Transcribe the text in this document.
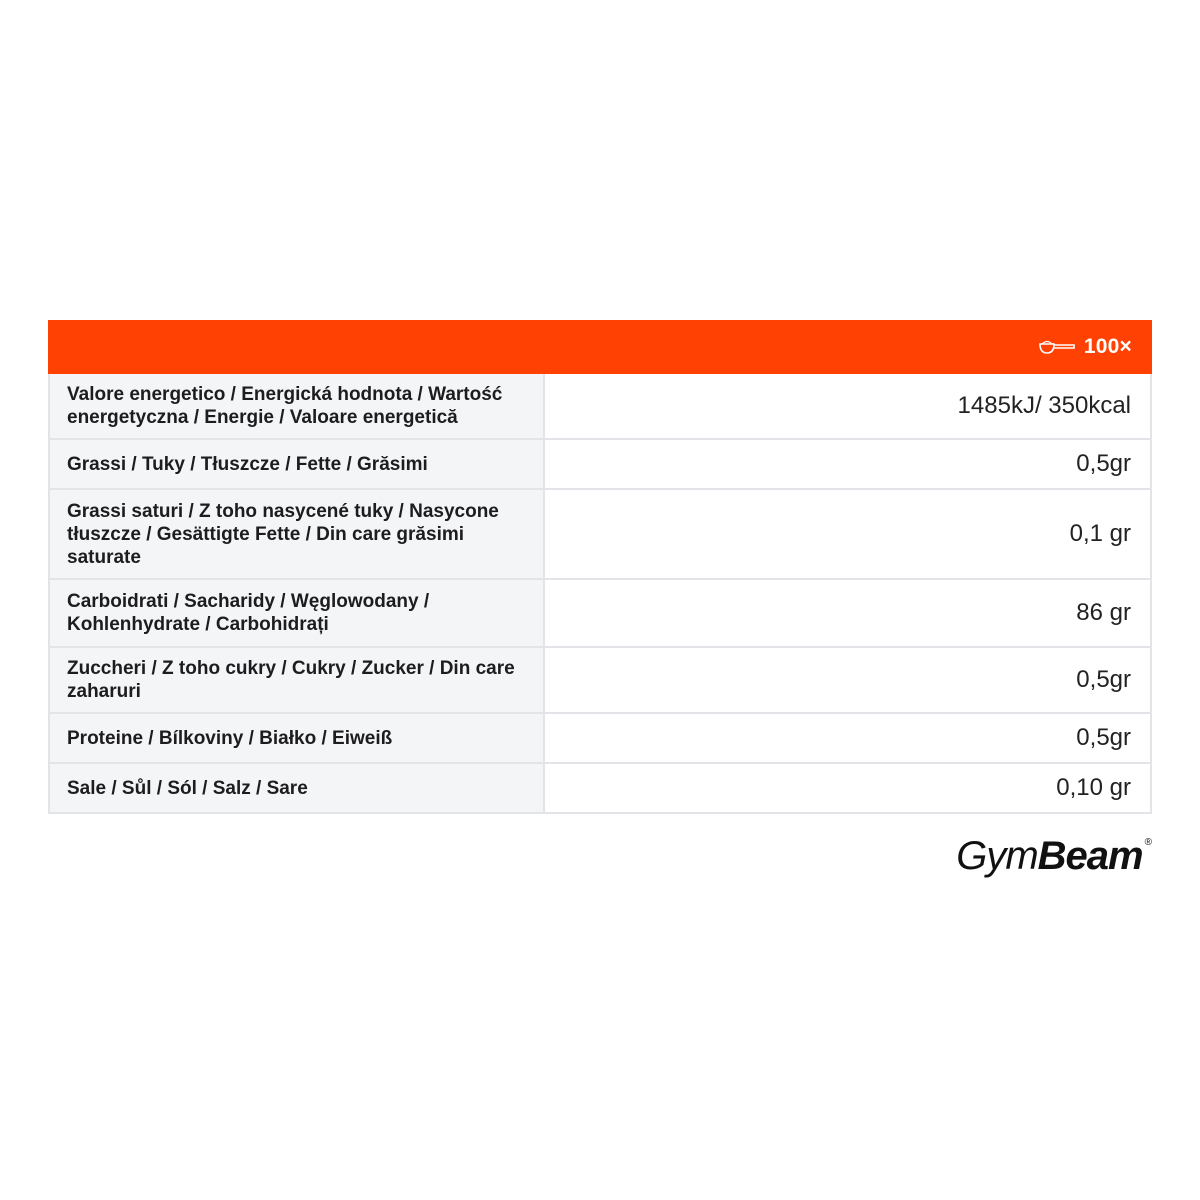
100×
Valore energetico / Energická hodnota / Wartość energetyczna / Energie / Valoare energetică	1485kJ/ 350kcal
Grassi / Tuky / Tłuszcze / Fette / Grăsimi	0,5gr
Grassi saturi / Z toho nasycené tuky / Nasycone tłuszcze / Gesättigte Fette / Din care grăsimi saturate	0,1 gr
Carboidrati / Sacharidy / Węglowodany / Kohlenhydrate / Carbohidrați	86 gr
Zuccheri / Z toho cukry / Cukry / Zucker / Din care zaharuri	0,5gr
Proteine / Bílkoviny / Białko / Eiweiß	0,5gr
Sale / Sůl / Sól / Salz / Sare	0,10 gr
Gym Beam ®
